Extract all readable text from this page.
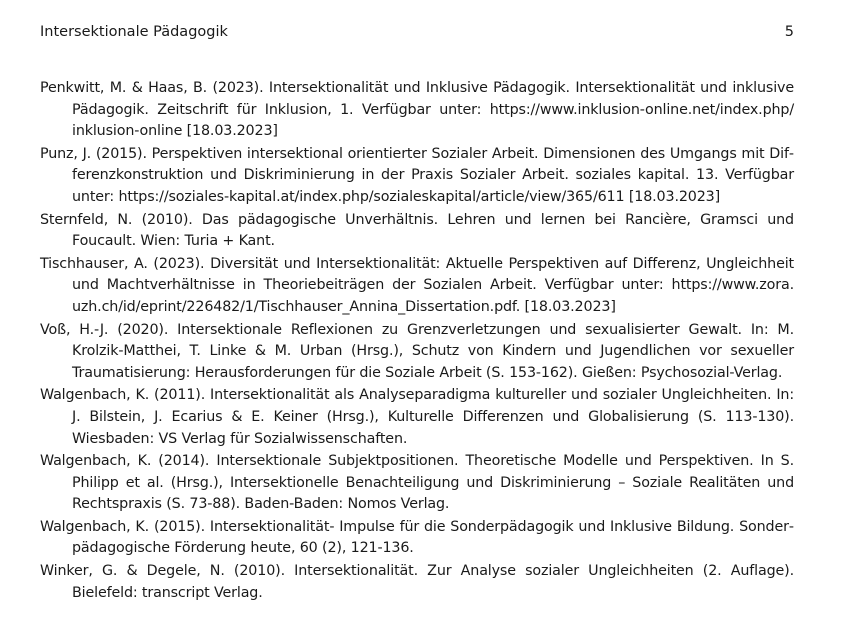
Intersektionale Pädagogik	5

Penkwitt, M. & Haas, B. (2023). Intersektionalität und Inklusive Pädagogik. Intersektionalität und inklusive Pädagogik. Zeitschrift für Inklusion, 1. Verfügbar unter: https://www.inklusion-online.net/index.php/​inklusion-online [18.03.2023]

Punz, J. (2015). Perspektiven intersektional orientierter Sozialer Arbeit. Dimensionen des Umgangs mit Differenzkonstruktion und Diskriminierung in der Praxis Sozialer Arbeit. soziales kapital. 13. Verfügbar unter: https://soziales-kapital.at/index.php/sozialeskapital/article/view/365/611 [18.03.2023]

Sternfeld, N. (2010). Das pädagogische Unverhältnis. Lehren und lernen bei Rancière, Gramsci und Foucault. Wien: Turia + Kant.

Tischhauser, A. (2023). Diversität und Intersektionalität: Aktuelle Perspektiven auf Differenz, Ungleichheit und Machtverhältnisse in Theoriebeiträgen der Sozialen Arbeit. Verfügbar unter: https://www.zora. uzh.​ch/id/eprint/226482/1/Tischhauser_Annina_Dissertation.pdf. [18.03.2023]

Voß, H.-J. (2020). Intersektionale Reflexionen zu Grenzverletzungen und sexualisierter Gewalt. In: M. Krolzik-Matthei, T. Linke & M. Urban (Hrsg.), Schutz von Kindern und Jugendlichen vor sexueller Traumatisierung: Herausforderungen für die Soziale Arbeit (S. 153-162). Gießen: Psychosozial-Verlag.

Walgenbach, K. (2011). Intersektionalität als Analyseparadigma kultureller und sozialer Ungleichheiten. In: J. Bilstein, J. Ecarius & E. Keiner (Hrsg.), Kulturelle Differenzen und Globalisierung (S. 113-130). Wiesbaden: VS Verlag für Sozialwissenschaften.

Walgenbach, K. (2014). Intersektionale Subjektpositionen. Theoretische Modelle und Perspektiven. In S. Philipp et al. (Hrsg.), Intersektionelle Benachteiligung und Diskriminierung – Soziale Realitäten und Rechtspraxis (S. 73-88). Baden-Baden: Nomos Verlag.

Walgenbach, K. (2015). Intersektionalität- Impulse für die Sonderpädagogik und Inklusive Bildung. Sonderpädagogische Förderung heute, 60 (2), 121-136.

Winker, G. & Degele, N. (2010). Intersektionalität. Zur Analyse sozialer Ungleichheiten (2. Auflage). Bielefeld: transcript Verlag.
